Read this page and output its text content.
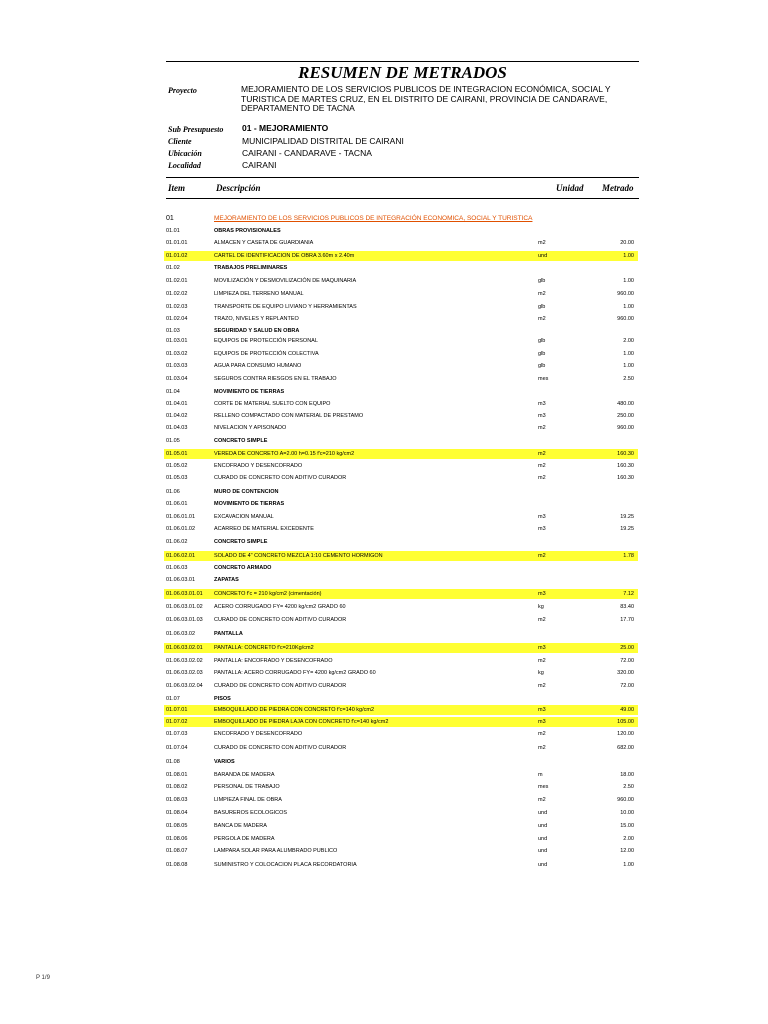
RESUMEN DE METRADOS
Proyecto	MEJORAMIENTO DE LOS SERVICIOS PUBLICOS DE INTEGRACION ECONÓMICA, SOCIAL Y TURISTICA DE MARTES CRUZ, EN EL DISTRITO DE CAIRANI, PROVINCIA DE CANDARAVE, DEPARTAMENTO DE TACNA
Sub Presupuesto 01 - MEJORAMIENTO
Cliente	MUNICIPALIDAD DISTRITAL DE CAIRANI
Ubicación	CAIRANI - CANDARAVE - TACNA
Localidad	CAIRANI
Item	Descripción	Unidad Metrado
01	MEJORAMIENTO DE LOS SERVICIOS PUBLICOS DE INTEGRACIÓN ECONOMICA, SOCIAL Y TURISTICA
01.01	OBRAS PROVISIONALES
01.01.01	ALMACEN Y CASETA DE GUARDIANIA	m2	20.00
01.01.02	CARTEL DE IDENTIFICACION DE OBRA 3.60m x 2.40m	und	1.00
01.02	TRABAJOS PRELIMINARES
01.02.01	MOVILIZACIÓN Y DESMOVILIZACIÓN DE MAQUINARIA	glb	1.00
01.02.02	LIMPIEZA DEL TERRENO MANUAL	m2	960.00
01.02.03	TRANSPORTE DE EQUIPO LIVIANO Y HERRAMIENTAS	glb	1.00
01.02.04	TRAZO, NIVELES Y REPLANTEO	m2	960.00
01.03	SEGURIDAD Y SALUD EN OBRA
01.03.01	EQUIPOS DE PROTECCIÓN PERSONAL	glb	2.00
01.03.02	EQUIPOS DE PROTECCIÓN COLECTIVA	glb	1.00
01.03.03	AGUA PARA CONSUMO HUMANO	glb	1.00
01.03.04	SEGUROS CONTRA RIESGOS EN EL TRABAJO	mes	2.50
01.04	MOVIMIENTO DE TIERRAS
01.04.01	CORTE DE MATERIAL SUELTO CON EQUIPO	m3	480.00
01.04.02	RELLENO COMPACTADO CON MATERIAL DE PRESTAMO	m3	250.00
01.04.03	NIVELACION Y APISONADO	m2	960.00
01.05	CONCRETO SIMPLE
01.05.01	VEREDA DE CONCRETO A=2.00 h=0.15 f'c=210 kg/cm2	m2	160.30
01.05.02	ENCOFRADO Y DESENCOFRADO	m2	160.30
01.05.03	CURADO DE CONCRETO CON ADITIVO CURADOR	m2	160.30
01.06	MURO DE CONTENCION
01.06.01	MOVIMIENTO DE TIERRAS
01.06.01.01	EXCAVACION MANUAL	m3	19.25
01.06.01.02	ACARREO DE MATERIAL EXCEDENTE	m3	19.25
01.06.02	CONCRETO SIMPLE
01.06.02.01	SOLADO DE 4" CONCRETO MEZCLA 1:10 CEMENTO HORMIGON	m2	1.78
01.06.03	CONCRETO ARMADO
01.06.03.01	ZAPATAS
01.06.03.01.01 CONCRETO f'c = 210 kg/cm2 (cimentación)	m3	7.12
01.06.03.01.02 ACERO CORRUGADO FY= 4200 kg/cm2 GRADO 60	kg	83.40
01.06.03.01.03 CURADO DE CONCRETO CON ADITIVO CURADOR	m2	17.70
01.06.03.02	PANTALLA
01.06.03.02.01 PANTALLA: CONCRETO f'c=210Kg/cm2	m3	25.00
01.06.03.02.02 PANTALLA: ENCOFRADO Y DESENCOFRADO	m2	72.00
01.06.03.02.03 PANTALLA: ACERO CORRUGADO FY= 4200 kg/cm2 GRADO 60	kg	320.00
01.06.03.02.04 CURADO DE CONCRETO CON ADITIVO CURADOR	m2	72.00
01.07	PISOS
01.07.01	EMBOQUILLADO DE PIEDRA CON CONCRETO f'c=140 kg/cm2	m3	49.00
01.07.02	EMBOQUILLADO DE PIEDRA LAJA CON CONCRETO f'c=140 kg/cm2	m3	105.00
01.07.03	ENCOFRADO Y DESENCOFRADO	m2	120.00
01.07.04	CURADO DE CONCRETO CON ADITIVO CURADOR	m2	682.00
01.08	VARIOS
01.08.01	BARANDA DE MADERA	m	18.00
01.08.02	PERSONAL DE TRABAJO	mes	2.50
01.08.03	LIMPIEZA FINAL DE OBRA	m2	960.00
01.08.04	BASUREROS ECOLOGICOS	und	10.00
01.08.05	BANCA DE MADERA	und	15.00
01.08.06	PERGOLA DE MADERA	und	2.00
01.08.07	LAMPARA SOLAR PARA ALUMBRADO PUBLICO	und	12.00
01.08.08	SUMINISTRO Y COLOCACION PLACA RECORDATORIA	und	1.00
P 1/9
